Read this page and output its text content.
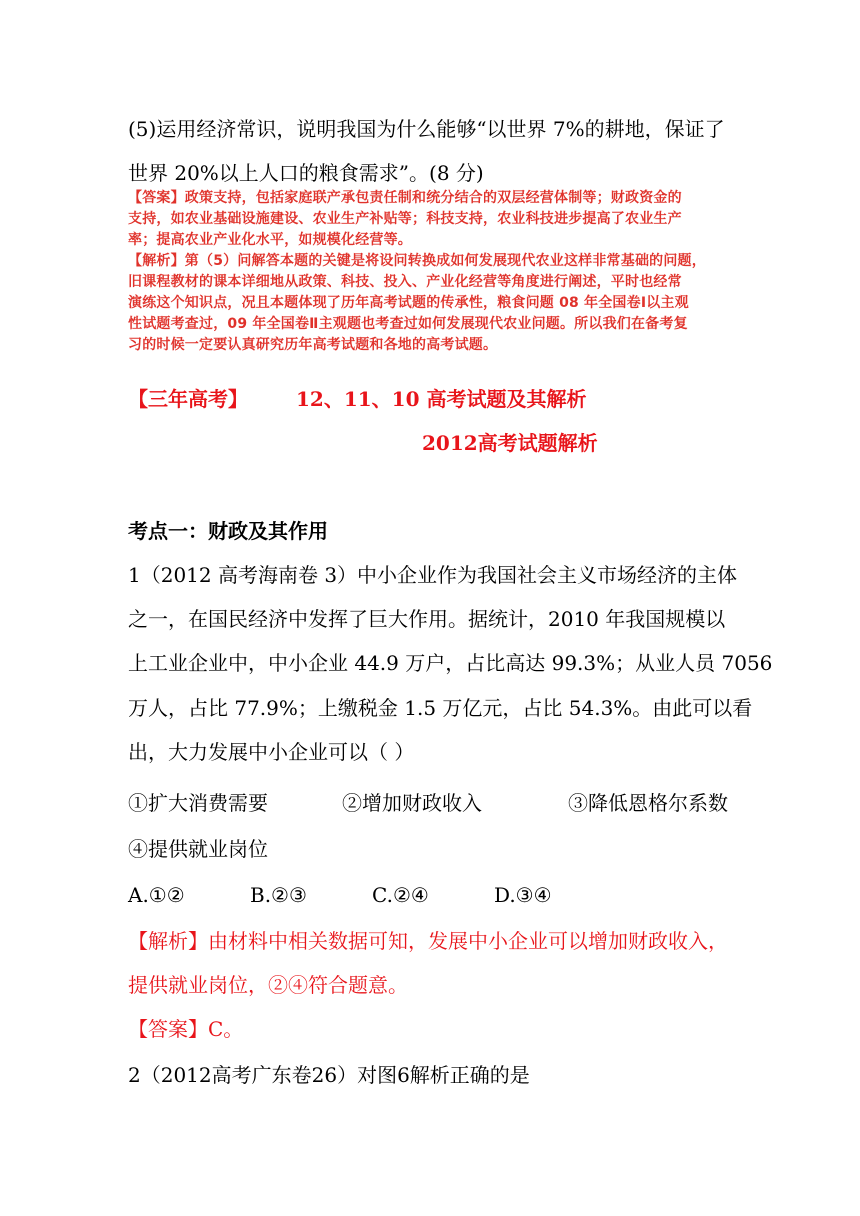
(5)运用经济常识，说明我国为什么能够“以世界 7%的耕地，保证了
世界 20%以上人口的粮食需求”。(8 分)

【答案】政策支持，包括家庭联产承包责任制和统分结合的双层经营体制等；财政资金的

支持，如农业基础设施建设、农业生产补贴等；科技支持，农业科技进步提高了农业生产

率；提高农业产业化水平，如规模化经营等。

【解析】第（5）问解答本题的关键是将设问转换成如何发展现代农业这样非常基础的问题，

旧课程教材的课本详细地从政策、科技、投入、产业化经营等角度进行阐述，平时也经常

演练这个知识点，况且本题体现了历年高考试题的传承性，粮食问题 08 年全国卷Ⅰ以主观

性试题考查过，09 年全国卷Ⅱ主观题也考查过如何发展现代农业问题。所以我们在备考复

习的时候一定要认真研究历年高考试题和各地的高考试题。

【三年高考】 12、11、10 高考试题及其解析
2012高考试题解析
考点一：财政及其作用
1（2012 高考海南卷 3）中小企业作为我国社会主义市场经济的主体
之一，在国民经济中发挥了巨大作用。据统计，2010 年我国规模以
上工业企业中，中小企业 44.9 万户，占比高达 99.3%；从业人员 7056
万人，占比 77.9%；上缴税金 1.5 万亿元，占比 54.3%。由此可以看
出，大力发展中小企业可以（ ）
①扩大消费需要	②增加财政收入	③降低恩格尔系数
④提供就业岗位
A.①②	B.②③	C.②④	D.③④
【解析】由材料中相关数据可知，发展中小企业可以增加财政收入，
提供就业岗位，②④符合题意。
【答案】C。
2（2012高考广东卷26）对图6解析正确的是
